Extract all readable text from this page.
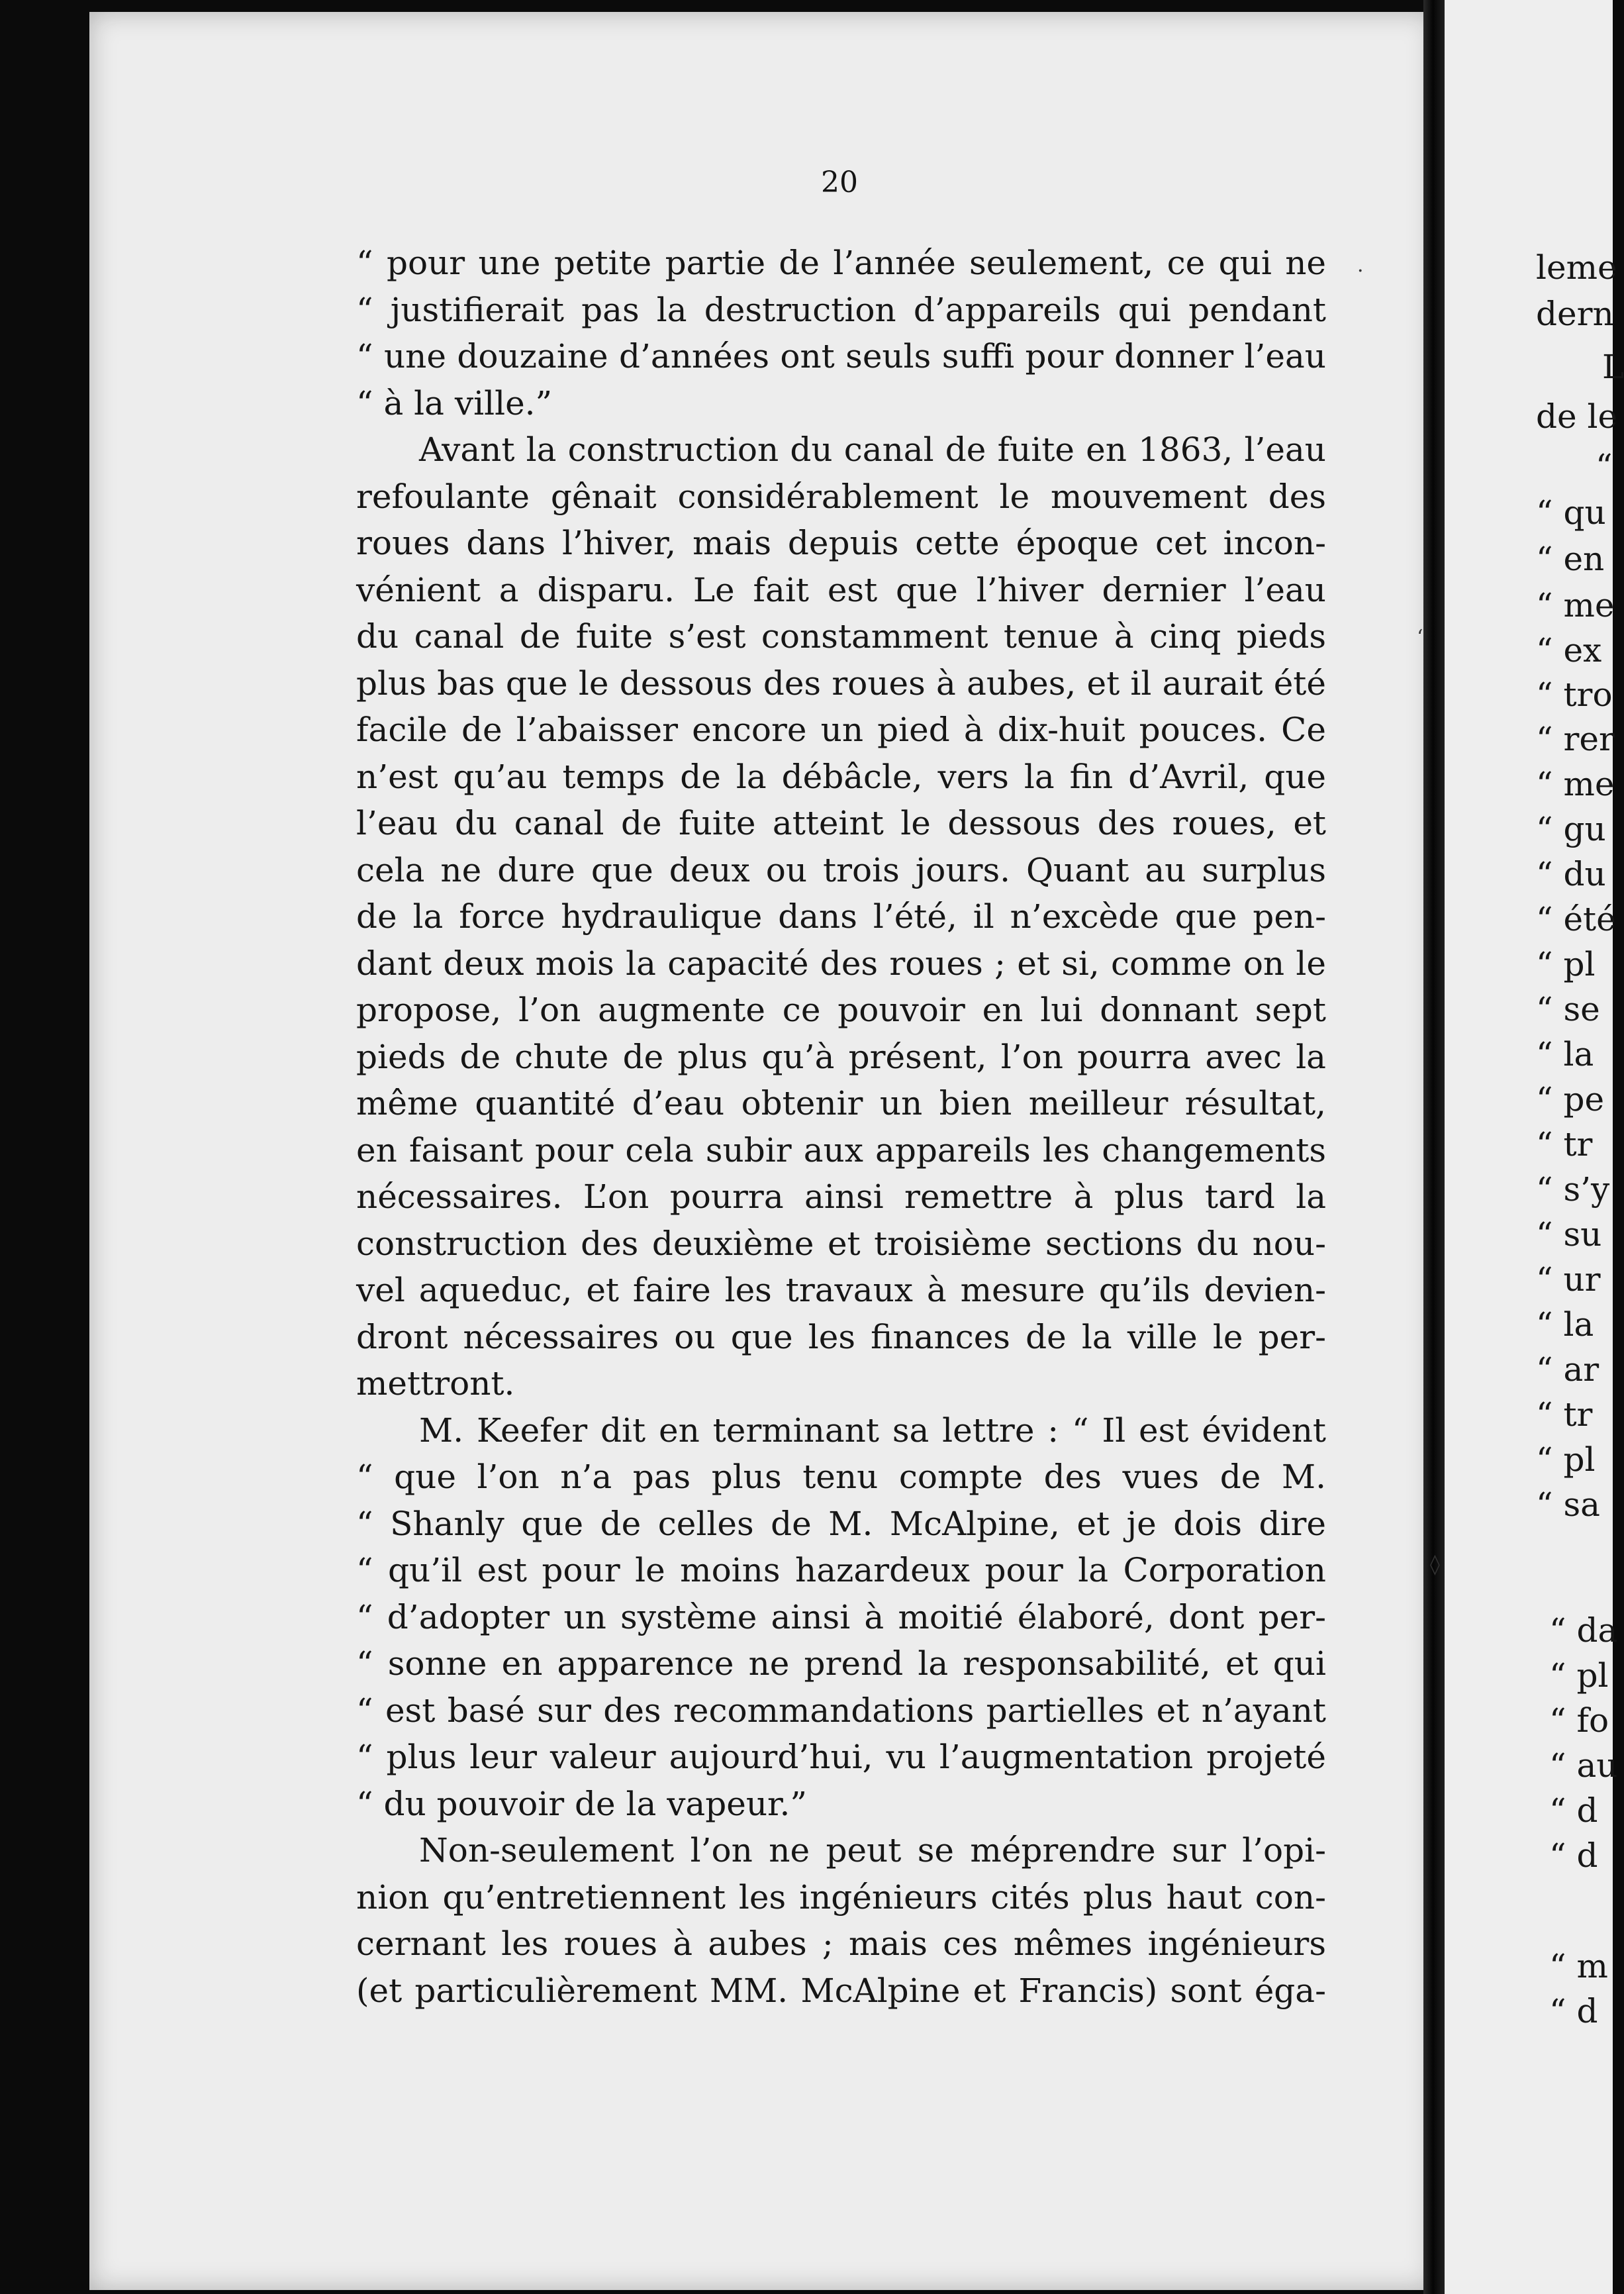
20
“ pour une petite partie de l’année seulement, ce qui ne
“ justifierait pas la destruction d’appareils qui pendant
“ une douzaine d’années ont seuls suffi pour donner l’eau
“ à la ville.”
Avant la construction du canal de fuite en 1863, l’eau
refoulante gênait considérablement le mouvement des
roues dans l’hiver, mais depuis cette époque cet incon-
vénient a disparu. Le fait est que l’hiver dernier l’eau
du canal de fuite s’est constamment tenue à cinq pieds
plus bas que le dessous des roues à aubes, et il aurait été
facile de l’abaisser encore un pied à dix-huit pouces. Ce
n’est qu’au temps de la débâcle, vers la fin d’Avril, que
l’eau du canal de fuite atteint le dessous des roues, et
cela ne dure que deux ou trois jours. Quant au surplus
de la force hydraulique dans l’été, il n’excède que pen-
dant deux mois la capacité des roues ; et si, comme on le
propose, l’on augmente ce pouvoir en lui donnant sept
pieds de chute de plus qu’à présent, l’on pourra avec la
même quantité d’eau obtenir un bien meilleur résultat,
en faisant pour cela subir aux appareils les changements
nécessaires. L’on pourra ainsi remettre à plus tard la
construction des deuxième et troisième sections du nou-
vel aqueduc, et faire les travaux à mesure qu’ils devien-
dront nécessaires ou que les finances de la ville le per-
mettront.
M. Keefer dit en terminant sa lettre : “ Il est évident
“ que l’on n’a pas plus tenu compte des vues de M.
“ Shanly que de celles de M. McAlpine, et je dois dire
“ qu’il est pour le moins hazardeux pour la Corporation
“ d’adopter un système ainsi à moitié élaboré, dont per-
“ sonne en apparence ne prend la responsabilité, et qui
“ est basé sur des recommandations partielles et n’ayant
“ plus leur valeur aujourd’hui, vu l’augmentation projeté
“ du pouvoir de la vapeur.”
Non-seulement l’on ne peut se méprendre sur l’opi-
nion qu’entretiennent les ingénieurs cités plus haut con-
cernant les roues à aubes ; mais ces mêmes ingénieurs
(et particulièrement MM. McAlpine et Francis) sont éga-
leme
dern
L
de le
“
“ qu
“ en
“ me
“ ex
“ tro
“ rer
“ me
“ gu
“ du
“ été
“ pl
“ se
“ la
“ pe
“ tr
“ s’y
“ su
“ ur
“ la
“ ar
“ tr
“ pl
“ sa
“ da
“ pl
“ fo
“ au
“ d
“ d
“ m
“ d
·
‘
◊
